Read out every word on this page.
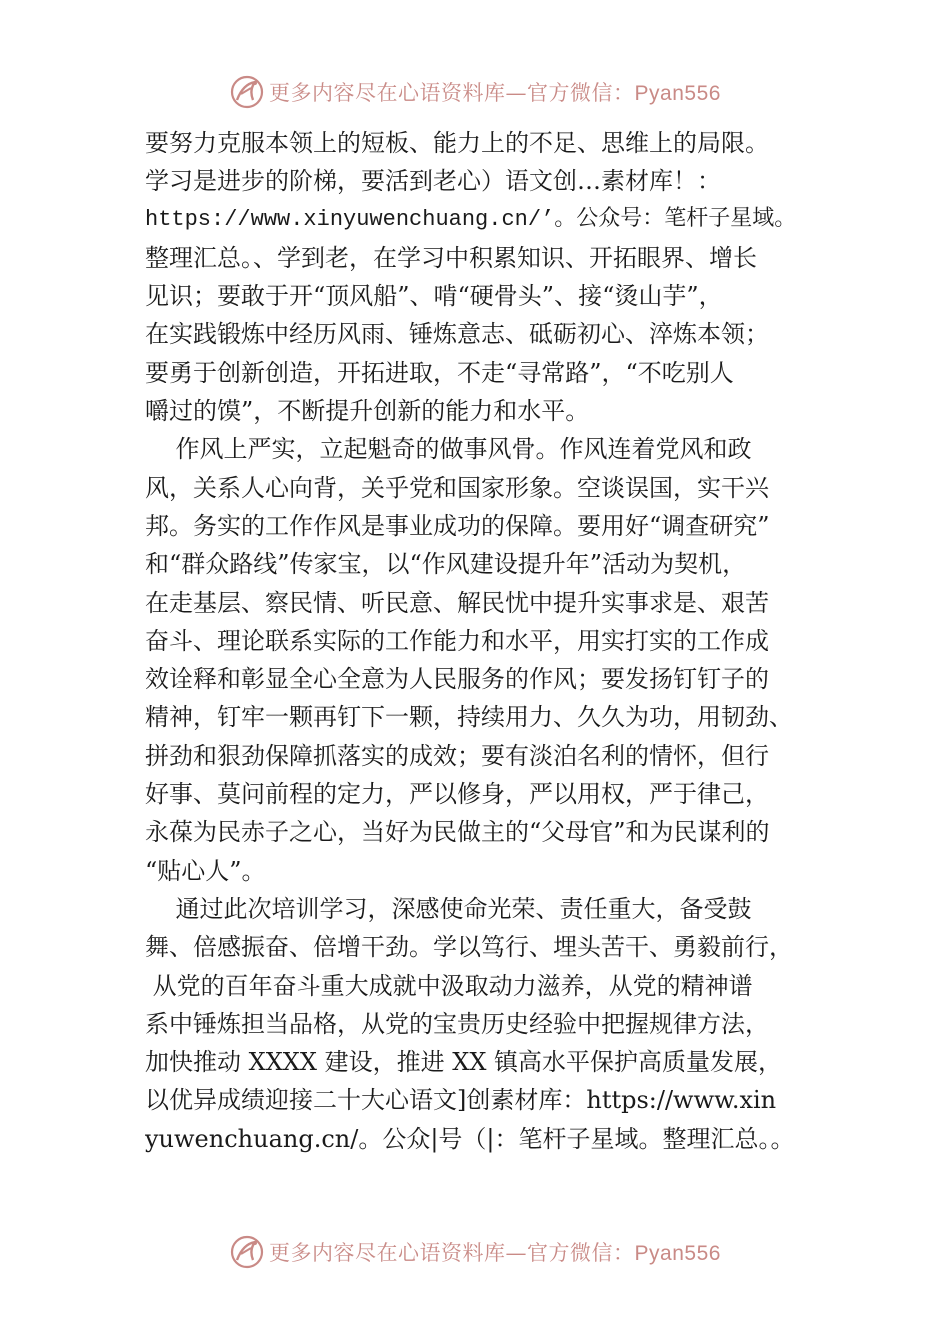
更多内容尽在心语资料库—官方微信：Pyan556
要努力克服本领上的短板、能力上的不足、思维上的局限。
学习是进步的阶梯，要活到老心）语文创…素材库！：
https://www.xinyuwenchuang.cn/’。公众号：笔杆子星域。
整理汇总。、学到老，在学习中积累知识、开拓眼界、增长
见识；要敢于开“顶风船”、啃“硬骨头”、接“烫山芋”，
在实践锻炼中经历风雨、锤炼意志、砥砺初心、淬炼本领；
要勇于创新创造，开拓进取，不走“寻常路”，“不吃别人
嚼过的馍”，不断提升创新的能力和水平。
作风上严实，立起魁奇的做事风骨。作风连着党风和政
风，关系人心向背，关乎党和国家形象。空谈误国，实干兴
邦。务实的工作作风是事业成功的保障。要用好“调查研究”
和“群众路线”传家宝，以“作风建设提升年”活动为契机，
在走基层、察民情、听民意、解民忧中提升实事求是、艰苦
奋斗、理论联系实际的工作能力和水平，用实打实的工作成
效诠释和彰显全心全意为人民服务的作风；要发扬钉钉子的
精神，钉牢一颗再钉下一颗，持续用力、久久为功，用韧劲、
拼劲和狠劲保障抓落实的成效；要有淡泊名利的情怀，但行
好事、莫问前程的定力，严以修身，严以用权，严于律己，
永葆为民赤子之心，当好为民做主的“父母官”和为民谋利的
“贴心人”。
通过此次培训学习，深感使命光荣、责任重大，备受鼓
舞、倍感振奋、倍增干劲。学以笃行、埋头苦干、勇毅前行，
从党的百年奋斗重大成就中汲取动力滋养，从党的精神谱
系中锤炼担当品格，从党的宝贵历史经验中把握规律方法，
加快推动 XXXX 建设，推进 XX 镇高水平保护高质量发展，
以优异成绩迎接二十大心语文]创素材库：https://www.xin
yuwenchuang.cn/。公众|号（|：笔杆子星域。整理汇总。。
更多内容尽在心语资料库—官方微信：Pyan556
